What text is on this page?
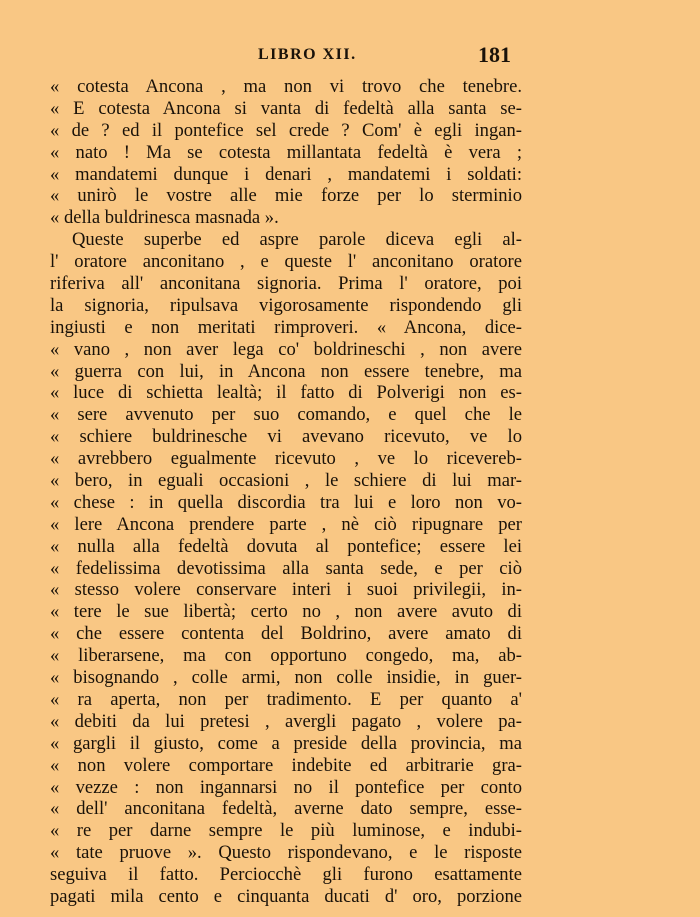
LIBRO XII.	181
« cotesta Ancona , ma non vi trovo che tenebre.
« E cotesta Ancona si vanta di fedeltà alla santa se-
« de ? ed il pontefice sel crede ? Com' è egli ingan-
« nato ! Ma se cotesta millantata fedeltà è vera ;
« mandatemi dunque i denari , mandatemi i soldati:
« unirò le vostre alle mie forze per lo sterminio
« della buldrinesca masnada ».
Queste superbe ed aspre parole diceva egli al-
l' oratore anconitano , e queste l' anconitano oratore
riferiva all' anconitana signoria. Prima l' oratore, poi
la signoria, ripulsava vigorosamente rispondendo gli
ingiusti e non meritati rimproveri. « Ancona, dice-
« vano , non aver lega co' boldrineschi , non avere
« guerra con lui, in Ancona non essere tenebre, ma
« luce di schietta lealtà; il fatto di Polverigi non es-
« sere avvenuto per suo comando, e quel che le
« schiere buldrinesche vi avevano ricevuto, ve lo
« avrebbero egualmente ricevuto , ve lo ricevereb-
« bero, in eguali occasioni , le schiere di lui mar-
« chese : in quella discordia tra lui e loro non vo-
« lere Ancona prendere parte , nè ciò ripugnare per
« nulla alla fedeltà dovuta al pontefice; essere lei
« fedelissima devotissima alla santa sede, e per ciò
« stesso volere conservare interi i suoi privilegii, in-
« tere le sue libertà; certo no , non avere avuto di
« che essere contenta del Boldrino, avere amato di
« liberarsene, ma con opportuno congedo, ma, ab-
« bisognando , colle armi, non colle insidie, in guer-
« ra aperta, non per tradimento. E per quanto a'
« debiti da lui pretesi , avergli pagato , volere pa-
« gargli il giusto, come a preside della provincia, ma
« non volere comportare indebite ed arbitrarie gra-
« vezze : non ingannarsi no il pontefice per conto
« dell' anconitana fedeltà, averne dato sempre, esse-
« re per darne sempre le più luminose, e indubi-
« tate pruove ». Questo rispondevano, e le risposte
seguiva il fatto. Perciocchè gli furono esattamente
pagati mila cento e cinquanta ducati d' oro, porzione
